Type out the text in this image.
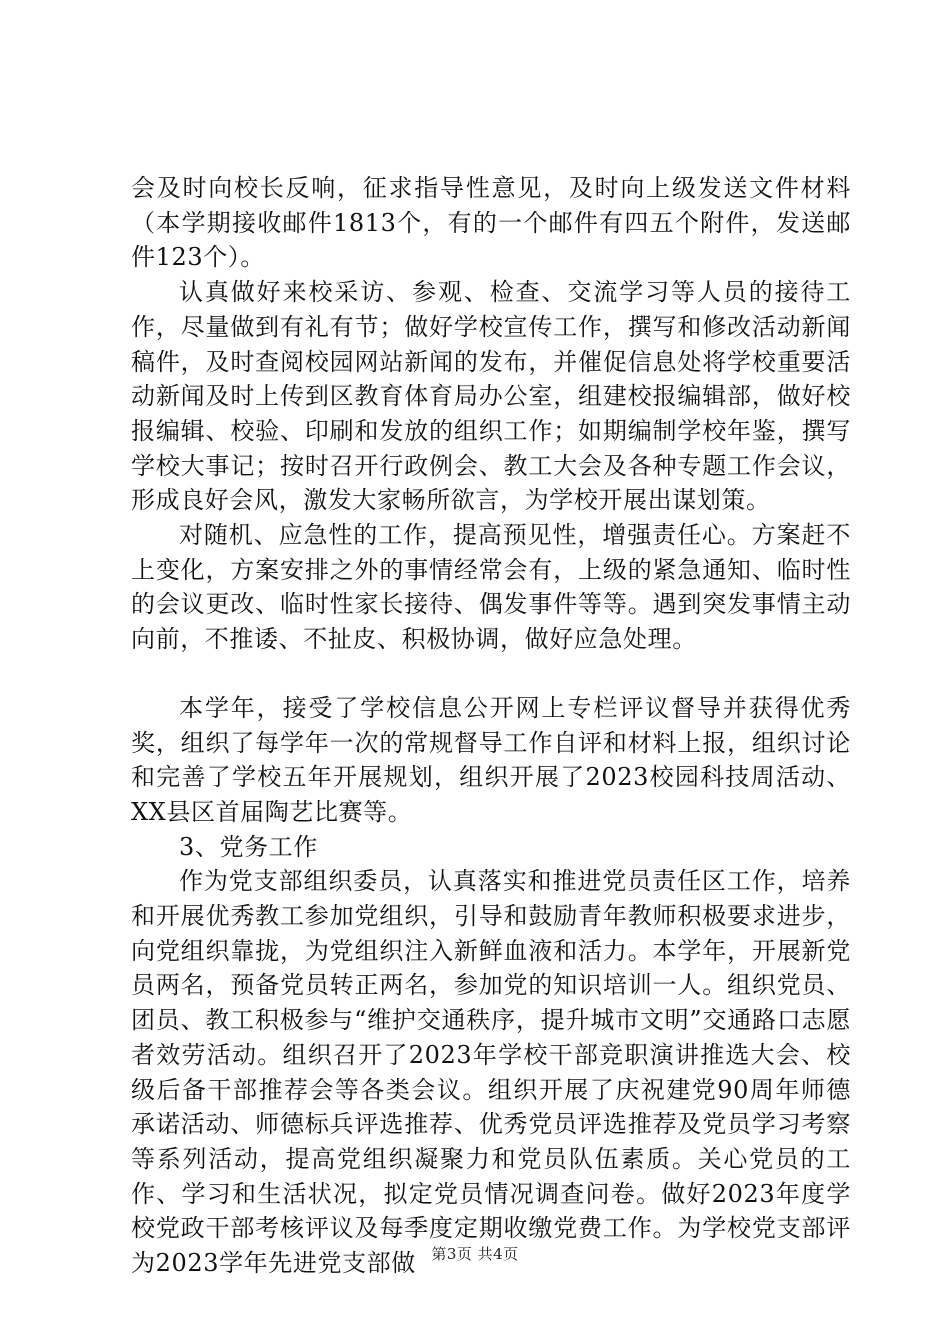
会及时向校长反响，征求指导性意见，及时向上级发送文件材料（本学期接收邮件1813个，有的一个邮件有四五个附件，发送邮件123个）。

认真做好来校采访、参观、检查、交流学习等人员的接待工作，尽量做到有礼有节；做好学校宣传工作，撰写和修改活动新闻稿件，及时查阅校园网站新闻的发布，并催促信息处将学校重要活动新闻及时上传到区教育体育局办公室，组建校报编辑部，做好校报编辑、校验、印刷和发放的组织工作；如期编制学校年鉴，撰写学校大事记；按时召开行政例会、教工大会及各种专题工作会议，形成良好会风，激发大家畅所欲言，为学校开展出谋划策。

对随机、应急性的工作，提高预见性，增强责任心。方案赶不上变化，方案安排之外的事情经常会有，上级的紧急通知、临时性的会议更改、临时性家长接待、偶发事件等等。遇到突发事情主动向前，不推诿、不扯皮、积极协调，做好应急处理。

本学年，接受了学校信息公开网上专栏评议督导并获得优秀奖，组织了每学年一次的常规督导工作自评和材料上报，组织讨论和完善了学校五年开展规划，组织开展了2023校园科技周活动、XX县区首届陶艺比赛等。

3、党务工作

作为党支部组织委员，认真落实和推进党员责任区工作，培养和开展优秀教工参加党组织，引导和鼓励青年教师积极要求进步，向党组织靠拢，为党组织注入新鲜血液和活力。本学年，开展新党员两名，预备党员转正两名，参加党的知识培训一人。组织党员、团员、教工积极参与“维护交通秩序，提升城市文明”交通路口志愿者效劳活动。组织召开了2023年学校干部竞职演讲推选大会、校级后备干部推荐会等各类会议。组织开展了庆祝建党90周年师德承诺活动、师德标兵评选推荐、优秀党员评选推荐及党员学习考察等系列活动，提高党组织凝聚力和党员队伍素质。关心党员的工作、学习和生活状况，拟定党员情况调查问卷。做好2023年度学校党政干部考核评议及每季度定期收缴党费工作。为学校党支部评为2023学年先进党支部做	第3页 共4页
